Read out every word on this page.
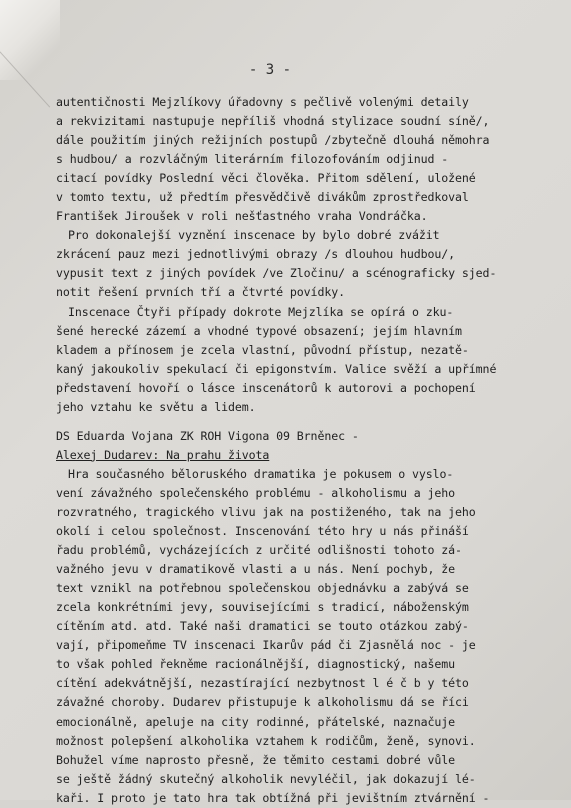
- 3 -
autentičnosti Mejzlíkovy úřadovny s pečlivě volenými detaily
a rekvizitami nastupuje nepříliš vhodná stylizace soudní síně/,
dále použitím jiných režijních postupů /zbytečně dlouhá němohra
s hudbou/ a rozvláčným literárním filozofováním odjinud -
citací povídky Poslední věci člověka. Přitom sdělení, uložené
v tomto textu, už předtím přesvědčivě divákům zprostředkoval
František Jiroušek v roli nešťastného vraha Vondráčka.
Pro dokonalejší vyznění inscenace by bylo dobré zvážit
zkrácení pauz mezi jednotlivými obrazy /s dlouhou hudbou/,
vypusit text z jiných povídek /ve Zločinu/ a scénograficky sjed-
notit řešení prvních tří a čtvrté povídky.
Inscenace Čtyři případy dokrote Mejzlíka se opírá o zku-
šené herecké zázemí a vhodné typové obsazení; jejím hlavním
kladem a přínosem je zcela vlastní, původní přístup, nezatě-
kaný jakoukoliv spekulací či epigonstvím. Valice svěží a upřímné
představení hovoří o lásce inscenátorů k autorovi a pochopení
jeho vztahu ke světu a lidem.
DS Eduarda Vojana ZK ROH Vigona 09 Brněnec -
Alexej Dudarev: Na prahu života
Hra současného běloruského dramatika je pokusem o vyslo-
vení závažného společenského problému - alkoholismu a jeho
rozvratného, tragického vlivu jak na postiženého, tak na jeho
okolí i celou společnost. Inscenování této hry u nás přináší
řadu problémů, vycházejících z určité odlišnosti tohoto zá-
važného jevu v dramatikově vlasti a u nás. Není pochyb, že
text vznikl na potřebnou společenskou objednávku a zabývá se
zcela konkrétními jevy, souvisejícími s tradicí, náboženským
cítěním atd. atd. Také naši dramatici se touto otázkou zabý-
vají, připomeňme TV inscenaci Ikarův pád či Zjasnělá noc - je
to však pohled řekněme racionálnější, diagnostický, našemu
cítění adekvátnější, nezastírající nezbytnost l é č b y této
závažné choroby. Dudarev přistupuje k alkoholismu dá se říci
emocionálně, apeluje na city rodinné, přátelské, naznačuje
možnost polepšení alkoholika vztahem k rodičům, ženě, synovi.
Bohužel víme naprosto přesně, že těmito cestami dobré vůle
se ještě žádný skutečný alkoholik nevyléčil, jak dokazují lé-
kaři. I proto je tato hra tak obtížná při jevištním ztvárnění -
